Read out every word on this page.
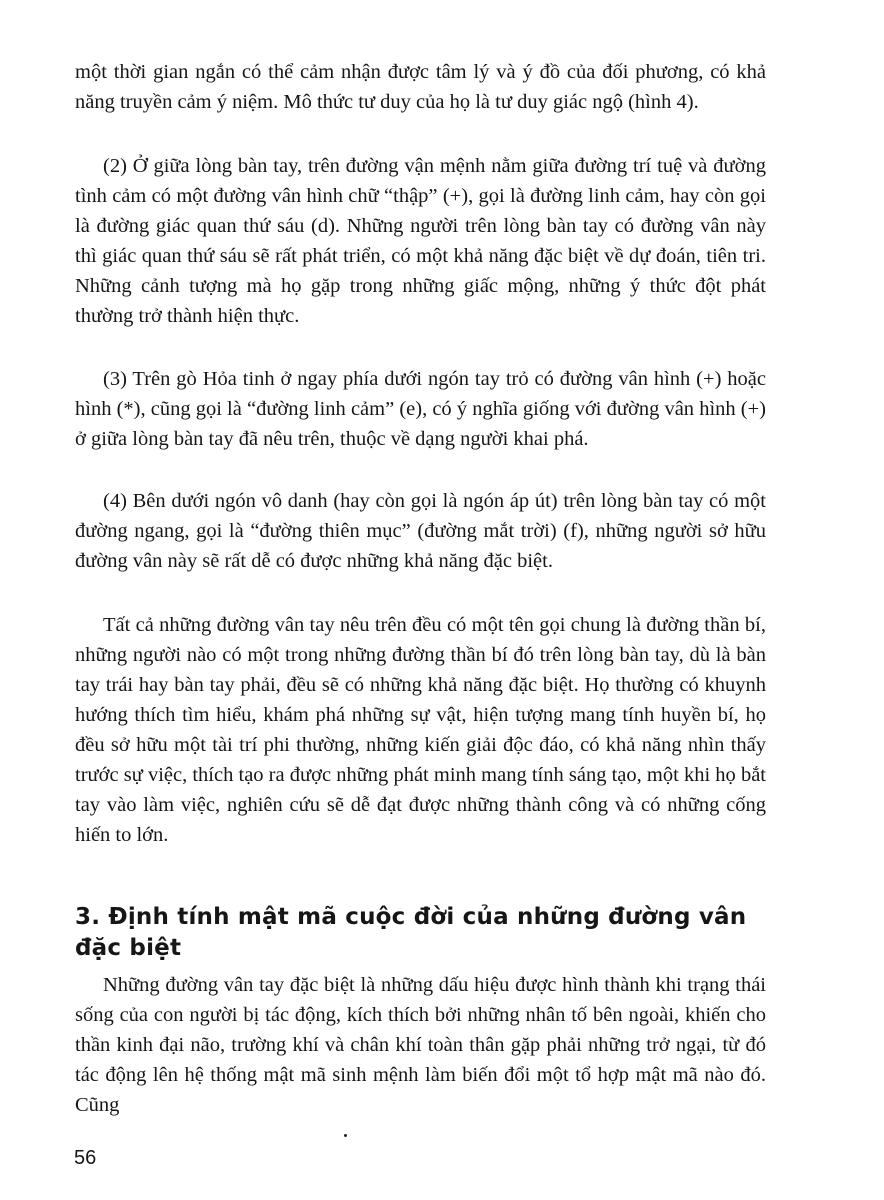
một thời gian ngắn có thể cảm nhận được tâm lý và ý đồ của đối phương, có khả năng truyền cảm ý niệm. Mô thức tư duy của họ là tư duy giác ngộ (hình 4).

(2) Ở giữa lòng bàn tay, trên đường vận mệnh nằm giữa đường trí tuệ và đường tình cảm có một đường vân hình chữ “thập” (+), gọi là đường linh cảm, hay còn gọi là đường giác quan thứ sáu (d). Những người trên lòng bàn tay có đường vân này thì giác quan thứ sáu sẽ rất phát triển, có một khả năng đặc biệt về dự đoán, tiên tri. Những cảnh tượng mà họ gặp trong những giấc mộng, những ý thức đột phát thường trở thành hiện thực.

(3) Trên gò Hỏa tinh ở ngay phía dưới ngón tay trỏ có đường vân hình (+) hoặc hình (*), cũng gọi là “đường linh cảm” (e), có ý nghĩa giống với đường vân hình (+) ở giữa lòng bàn tay đã nêu trên, thuộc về dạng người khai phá.

(4) Bên dưới ngón vô danh (hay còn gọi là ngón áp út) trên lòng bàn tay có một đường ngang, gọi là “đường thiên mục” (đường mắt trời) (f), những người sở hữu đường vân này sẽ rất dễ có được những khả năng đặc biệt.

Tất cả những đường vân tay nêu trên đều có một tên gọi chung là đường thần bí, những người nào có một trong những đường thần bí đó trên lòng bàn tay, dù là bàn tay trái hay bàn tay phải, đều sẽ có những khả năng đặc biệt. Họ thường có khuynh hướng thích tìm hiểu, khám phá những sự vật, hiện tượng mang tính huyền bí, họ đều sở hữu một tài trí phi thường, những kiến giải độc đáo, có khả năng nhìn thấy trước sự việc, thích tạo ra được những phát minh mang tính sáng tạo, một khi họ bắt tay vào làm việc, nghiên cứu sẽ dễ đạt được những thành công và có những cống hiến to lớn.

3. Định tính mật mã cuộc đời của những đường vân đặc biệt

Những đường vân tay đặc biệt là những dấu hiệu được hình thành khi trạng thái sống của con người bị tác động, kích thích bởi những nhân tố bên ngoài, khiến cho thần kinh đại não, trường khí và chân khí toàn thân gặp phải những trở ngại, từ đó tác động lên hệ thống mật mã sinh mệnh làm biến đổi một tổ hợp mật mã nào đó. Cũng

56
